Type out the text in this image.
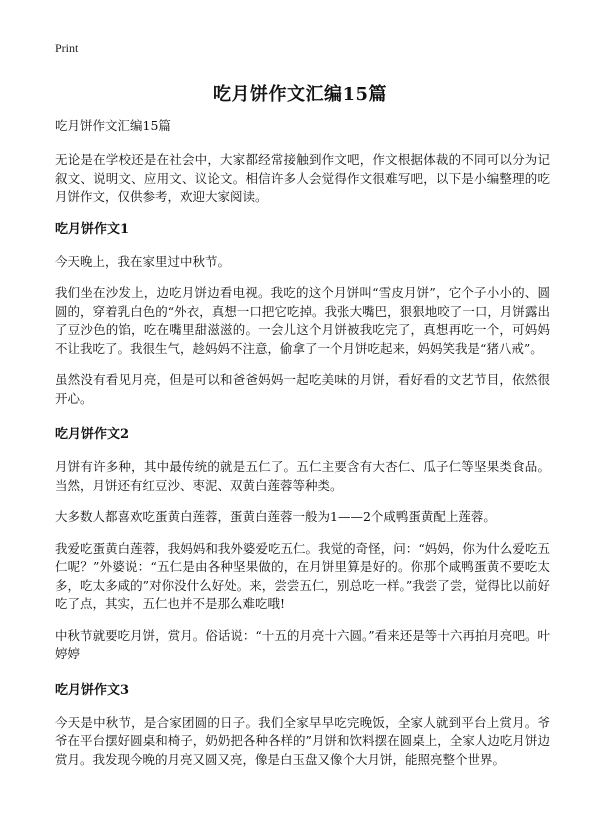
Print
吃月饼作文汇编15篇
吃月饼作文汇编15篇

无论是在学校还是在社会中，大家都经常接触到作文吧，作文根据体裁的不同可以分为记叙文、说明文、应用文、议论文。相信许多人会觉得作文很难写吧，以下是小编整理的吃月饼作文，仅供参考，欢迎大家阅读。

吃月饼作文1

今天晚上，我在家里过中秋节。

我们坐在沙发上，边吃月饼边看电视。我吃的这个月饼叫“雪皮月饼”，它个子小小的、圆圆的，穿着乳白色的“外衣，真想一口把它吃掉。我张大嘴巴，狠狠地咬了一口，月饼露出了豆沙色的馅，吃在嘴里甜滋滋的。一会儿这个月饼被我吃完了，真想再吃一个，可妈妈不让我吃了。我很生气，趁妈妈不注意，偷拿了一个月饼吃起来，妈妈笑我是“猪八戒”。

虽然没有看见月亮，但是可以和爸爸妈妈一起吃美味的月饼，看好看的文艺节目，依然很开心。

吃月饼作文2

月饼有许多种，其中最传统的就是五仁了。五仁主要含有大杏仁、瓜子仁等坚果类食品。当然，月饼还有红豆沙、枣泥、双黄白莲蓉等种类。

大多数人都喜欢吃蛋黄白莲蓉，蛋黄白莲蓉一般为1——2个咸鸭蛋黄配上莲蓉。

我爱吃蛋黄白莲蓉，我妈妈和我外婆爱吃五仁。我觉的奇怪，问：“妈妈，你为什么爱吃五仁呢？”外婆说：“五仁是由各种坚果做的，在月饼里算是好的。你那个咸鸭蛋黄不要吃太多，吃太多咸的”对你没什么好处。来，尝尝五仁，别总吃一样。”我尝了尝，觉得比以前好吃了点，其实，五仁也并不是那么难吃哦!

中秋节就要吃月饼，赏月。俗话说：“十五的月亮十六圆。”看来还是等十六再拍月亮吧。叶婷婷

吃月饼作文3

今天是中秋节，是合家团圆的日子。我们全家早早吃完晚饭，全家人就到平台上赏月。爷爷在平台摆好圆桌和椅子，奶奶把各种各样的”月饼和饮料摆在圆桌上，全家人边吃月饼边赏月。我发现今晚的月亮又圆又亮，像是白玉盘又像个大月饼，能照亮整个世界。
